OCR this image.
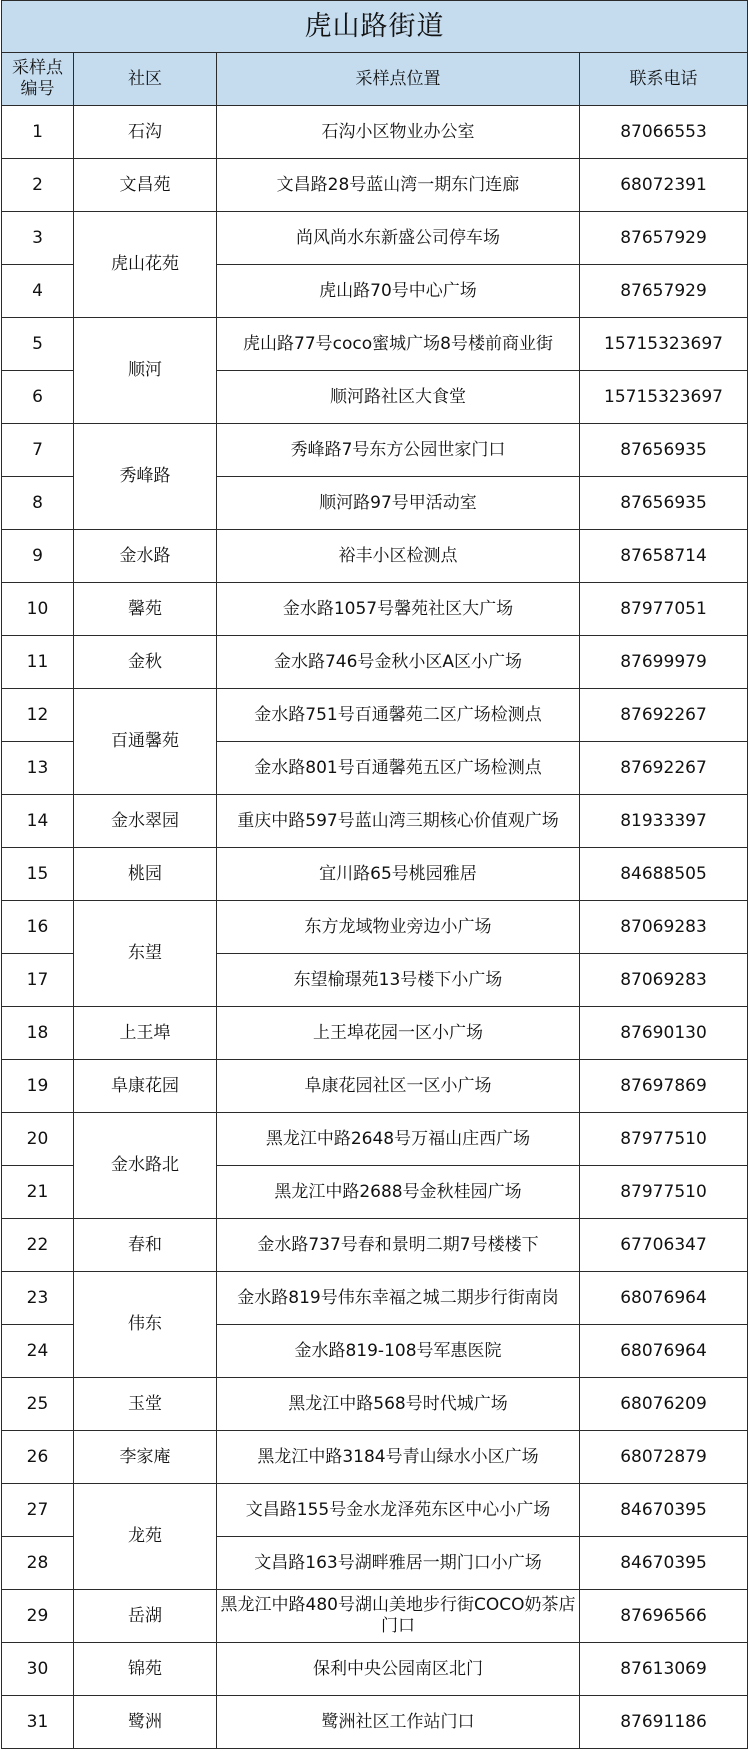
虎山路街道			
采样点编号	社区	采样点位置	联系电话
1	石沟	石沟小区物业办公室	87066553
2	文昌苑	文昌路28号蓝山湾一期东门连廊	68072391
3	虎山花苑	尚风尚水东新盛公司停车场	87657929
4		虎山路70号中心广场	87657929
5	顺河	虎山路77号coco蜜城广场8号楼前商业街	15715323697
6		顺河路社区大食堂	15715323697
7	秀峰路	秀峰路7号东方公园世家门口	87656935
8		顺河路97号甲活动室	87656935
9	金水路	裕丰小区检测点	87658714
10	馨苑	金水路1057号馨苑社区大广场	87977051
11	金秋	金水路746号金秋小区A区小广场	87699979
12	百通馨苑	金水路751号百通馨苑二区广场检测点	87692267
13		金水路801号百通馨苑五区广场检测点	87692267
14	金水翠园	重庆中路597号蓝山湾三期核心价值观广场	81933397
15	桃园	宜川路65号桃园雅居	84688505
16	东望	东方龙域物业旁边小广场	87069283
17		东望榆璟苑13号楼下小广场	87069283
18	上王埠	上王埠花园一区小广场	87690130
19	阜康花园	阜康花园社区一区小广场	87697869
20	金水路北	黑龙江中路2648号万福山庄西广场	87977510
21		黑龙江中路2688号金秋桂园广场	87977510
22	春和	金水路737号春和景明二期7号楼楼下	67706347
23	伟东	金水路819号伟东幸福之城二期步行街南岗	68076964
24		金水路819-108号军惠医院	68076964
25	玉堂	黑龙江中路568号时代城广场	68076209
26	李家庵	黑龙江中路3184号青山绿水小区广场	68072879
27	龙苑	文昌路155号金水龙泽苑东区中心小广场	84670395
28		文昌路163号湖畔雅居一期门口小广场	84670395
29	岳湖	黑龙江中路480号湖山美地步行街COCO奶茶店门口	87696566
30	锦苑	保利中央公园南区北门	87613069
31	鹭洲	鹭洲社区工作站门口	87691186
